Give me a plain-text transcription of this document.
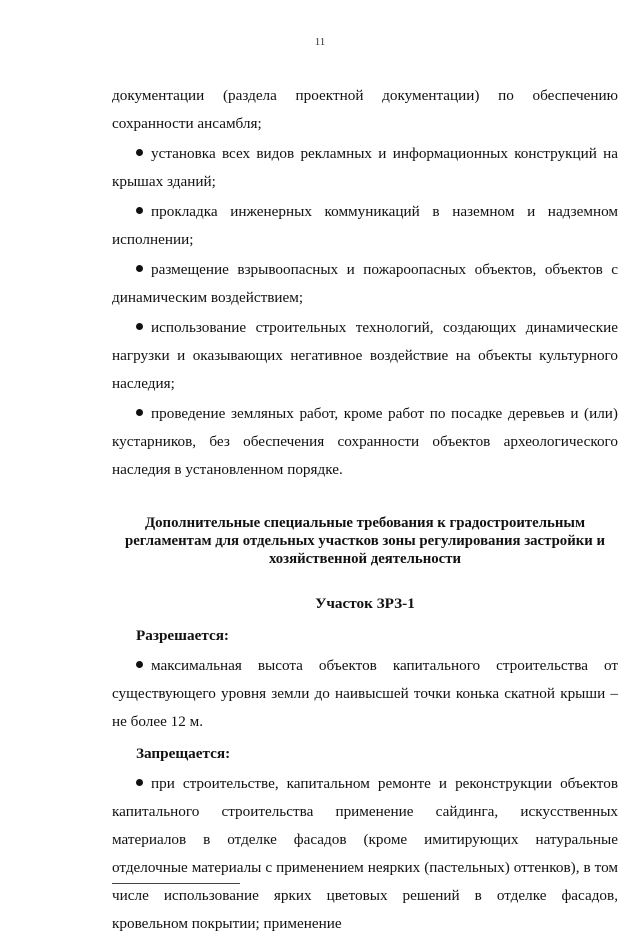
11

документации (раздела проектной документации) по обеспечению сохранности ансамбля;

установка всех видов рекламных и информационных конструкций на крышах зданий;

прокладка инженерных коммуникаций в наземном и надземном исполнении;

размещение взрывоопасных и пожароопасных объектов, объектов с динамическим воздействием;

использование строительных технологий, создающих динамические нагрузки и оказывающих негативное воздействие на объекты культурного наследия;

проведение земляных работ, кроме работ по посадке деревьев и (или) кустарников, без обеспечения сохранности объектов археологического наследия в установленном порядке.

Дополнительные специальные требования к градостроительным регламентам для отдельных участков зоны регулирования застройки и хозяйственной деятельности

Участок ЗРЗ-1

Разрешается:

максимальная высота объектов капитального строительства от существующего уровня земли до наивысшей точки конька скатной крыши – не более 12 м.

Запрещается:

при строительстве, капитальном ремонте и реконструкции объектов капитального строительства применение сайдинга, искусственных материалов в отделке фасадов (кроме имитирующих натуральные отделочные материалы с применением неярких (пастельных) оттенков), в том числе использование ярких цветовых решений в отделке фасадов, кровельном покрытии; применение
